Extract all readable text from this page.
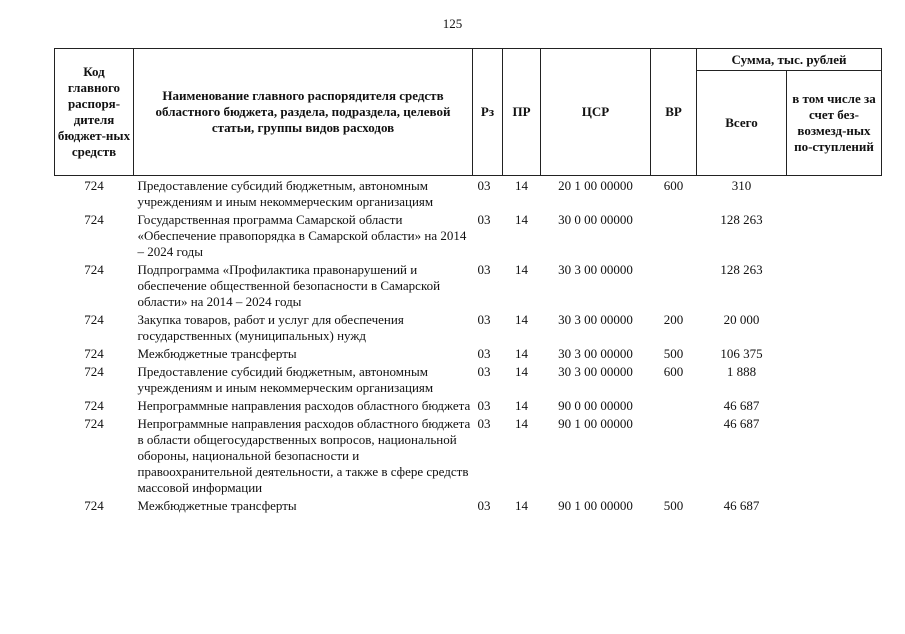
125
Код главного распоря-дителя бюджет-ных средств	Наименование главного распорядителя средств областного бюджета, раздела, подраздела, целевой статьи, группы видов расходов	Рз	ПР	ЦСР	ВР	Сумма, тыс. рублей	
						Всего	в том числе за счет без-возмезд-ных по-ступлений
724	Предоставление субсидий бюджетным, автономным учреждениям и иным некоммерческим организациям	03	14	20 1 00 00000	600	310	
724	Государственная программа Самарской области «Обеспечение правопорядка в Самарской области» на 2014 – 2024 годы	03	14	30 0 00 00000		128 263	
724	Подпрограмма «Профилактика правонарушений и обеспечение общественной безопасности в Самарской области» на 2014 – 2024 годы	03	14	30 3 00 00000		128 263	
724	Закупка товаров, работ и услуг для обеспечения государственных (муниципальных) нужд	03	14	30 3 00 00000	200	20 000	
724	Межбюджетные трансферты	03	14	30 3 00 00000	500	106 375	
724	Предоставление субсидий бюджетным, автономным учреждениям и иным некоммерческим организациям	03	14	30 3 00 00000	600	1 888	
724	Непрограммные направления расходов областного бюджета	03	14	90 0 00 00000		46 687	
724	Непрограммные направления расходов областного бюджета в области общегосударственных вопросов, национальной обороны, национальной безопасности и правоохранительной деятельности, а также в сфере средств массовой информации	03	14	90 1 00 00000		46 687	
724	Межбюджетные трансферты	03	14	90 1 00 00000	500	46 687	
